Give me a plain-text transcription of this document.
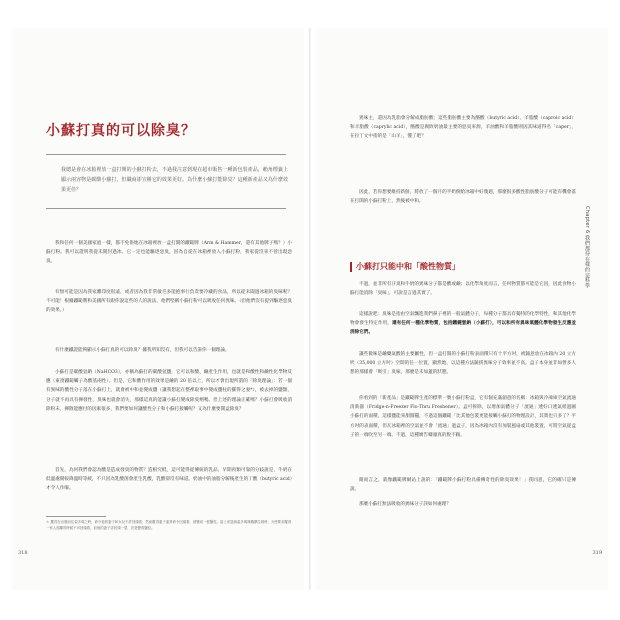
小蘇打真的可以除臭？

我總是會在冰箱裡放一盒打開的小蘇打粉去，不過我注意到現在超市販售一種新包裝產品，賴角標籤上顯示兩容物是碳酸小蘇打，但職商卻宣稱它的效果更好。為什麼小蘇打能除臭？這種新產品又為什麼效果更佳？

我和任何一個美國家庭一樣，都不免俗地在冰箱裡放一盒打開的鐵鎚牌（Arm & Hammer，還有其他牌子嗎？）小蘇打粉。我可以證明我從未開封過冰、它一定也能驅逐惡臭，因為自從在冰箱裡放入小蘇打粉，我家從沒來不曾出現惡臭。

有無可能是因為我家離印度很遠，或者因為我非常敏毛多能抱事行負責要冷藏的食品，所以從未聞過冰箱的臭味呢？不可能！根據鐵鎚牌和美國所有跟你說這些的人的說法，他們堅稱小蘇打粉可以吸收任何異味。（但他們沒有提到驅逐惡臭的效果。）

有什麼鐵證能夠顯示小蘇打真的可以除臭？據我所知沒有，但我可以告訴你一個理論。

小蘇打是碳酸氫鈉（NaHCO3），亦稱為蘇打的碳酸氫鹽，它可以和酸、鹼產生作用，也就是和酸性和鹼性化學物反應（東窗鐵鎚觸子為酸基兩性）。但是，它和酸作用的效果是鹼的 20 倍以上，所以才會出現所謂的「除臭理論」：若一個有異味的酸性分子落在小蘇打上，就會被中和並變成鹽（讓我想起在整裡取事中變成鹽柱的羅得之妻*），被去掉的鹽類，分子就不再具有揮發性，臭味也就會消失，那樣這真的能讓小蘇打變成除臭劑嗎。但上述的理論正確嗎？小蘇打會吸收消除粉末，揮散能應付的因素很多，我們要如何讓酸性分子和小蘇打接觸呢？又為什麼要開盒除臭？

首先，為何我們會認為酸是造成發臭的物質？造根究柢，這可能得從傳統的乳品、早期肉類可靠的分歧說是，牛奶在低溫處開較降溫時等緩，不只因為乳酸菌會產生乳酸，乳酸卻沒有味道。奶油中的油脂分解後產生的丁酸（butyric acid）才令人作嘔。

＊ 羅得在出發前往索多瑪之時，命令他的妻子和女兒不許回頭看，然而羅得妻子違背命令回頭看，被變成一根鹽柱。當上帝毀滅索多瑪與蛾摩拉城時，天使要求羅得一家人逃離的時候不可回頭看，但他的妻子卻回頭一望，於是變成鹽柱。

318

異味主，還因為乳脂會分解成脂肪酸；這些脂肪酸主要為酪酸（butyric acid）、羊脂酸（caproic acid）和羊脂酸（caprylic acid），酪酸是腐敗奶油最主要的惡臭來源，羊油酸和羊脂酸則因其味道得名「caper」，在拉丁文中指的是「山羊」，懂了吧？

因此，若你想要維持新鮮，將放了一個月的半奶倒給冰箱中好幾週，那麼很多酸性脂肪酸分子可能有機會落在打開的小蘇打粉上，然後被中和。

小蘇打只能中和「酸性物質」

不過，並非所有汗臭和牛奶的異味分子都是酸或鹼；以化學角度而言，任何物質都可能是它因，因此食物小蘇打能消除「臭味」，可說是言過其實了。

這樣說吧：臭味是指由空氣飄進我們鼻子裡的一般氣體分子，每種分子都具有獨特的化學特性，和其他化學物會發生特定作用，還有任何一種化學物質，包括鐵鏈氫鈉（小蘇打），可以和所有異味氣體化學物發生反應並消除它們。

讓些微味是鹼藥氣酸的主要屬性，但一盒打開的小蘇打粉表面積只有十平方吋，被隨意放在冰箱內 20 立方呎（35,000 立方吋）空間的任一位置，顯然地，以這種方法隨援異味分子效率並不高。盒子本身並非如營多人想的那樣會「吸引」臭味，那麼是未加蓋的狀態。

你看到的「新產品」是鐵鎚牌生產的標準一號小蘇打粉盒，它有個充滿創意的名稱：冰箱與冷凍庫空氣流通清新器（Fridge-n-Freezer Flo-Thru Freshener）。盒可拆除，以增加氣體分子「流通」透好口透氣紙過圖小蘇打的面積，這樣鹽能來甜圓罷，不過這個鐵鎚「比其他包裝更能接觸小蘇打的物理設計，其實也只多了？平方吋的表面積，但瓦冰箱裡的空氣並不會「流通」過盒子，因為冰箱內沒有加裝風扇或其他裝置，可將空氣從盒子的一端吹至另一端。不過，這種廣告噱頭真的脫不賴。

簡而言之，就像鐵鎚牌網站上說的：「鐵鎚牌小蘇打粉具備傳奇性的除臭效果！」我同意，它的確只是傳說。

那麼小蘇打無法吸收的異味分子該如何處理？

Chapter 6 我們都待在樣的這科學
319
